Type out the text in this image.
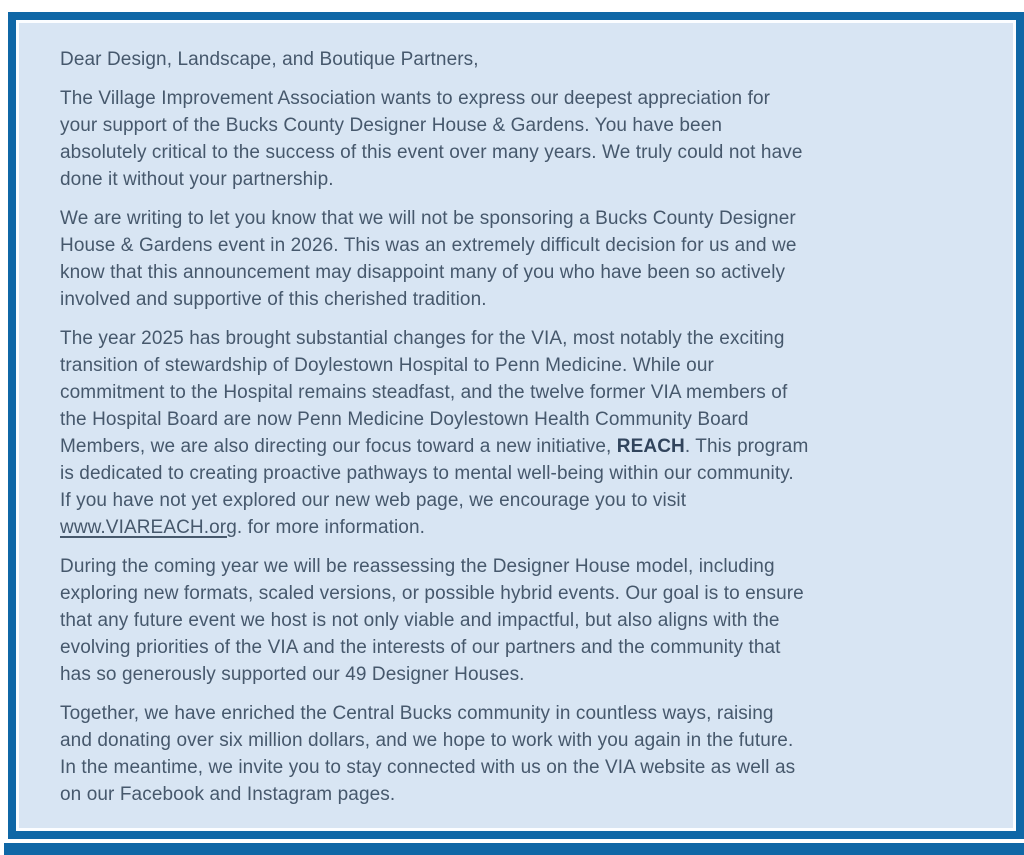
Dear Design, Landscape, and Boutique Partners,

The Village Improvement Association wants to express our deepest appreciation for
your support of the Bucks County Designer House & Gardens. You have been
absolutely critical to the success of this event over many years. We truly could not have
done it without your partnership.

We are writing to let you know that we will not be sponsoring a Bucks County Designer
House & Gardens event in 2026. This was an extremely difficult decision for us and we
know that this announcement may disappoint many of you who have been so actively
involved and supportive of this cherished tradition.

The year 2025 has brought substantial changes for the VIA, most notably the exciting
transition of stewardship of Doylestown Hospital to Penn Medicine. While our
commitment to the Hospital remains steadfast, and the twelve former VIA members of
the Hospital Board are now Penn Medicine Doylestown Health Community Board
Members, we are also directing our focus toward a new initiative, REACH. This program
is dedicated to creating proactive pathways to mental well-being within our community.
If you have not yet explored our new web page, we encourage you to visit
www.VIAREACH.org. for more information.

During the coming year we will be reassessing the Designer House model, including
exploring new formats, scaled versions, or possible hybrid events. Our goal is to ensure
that any future event we host is not only viable and impactful, but also aligns with the
evolving priorities of the VIA and the interests of our partners and the community that
has so generously supported our 49 Designer Houses.

Together, we have enriched the Central Bucks community in countless ways, raising
and donating over six million dollars, and we hope to work with you again in the future.
In the meantime, we invite you to stay connected with us on the VIA website as well as
on our Facebook and Instagram pages.
